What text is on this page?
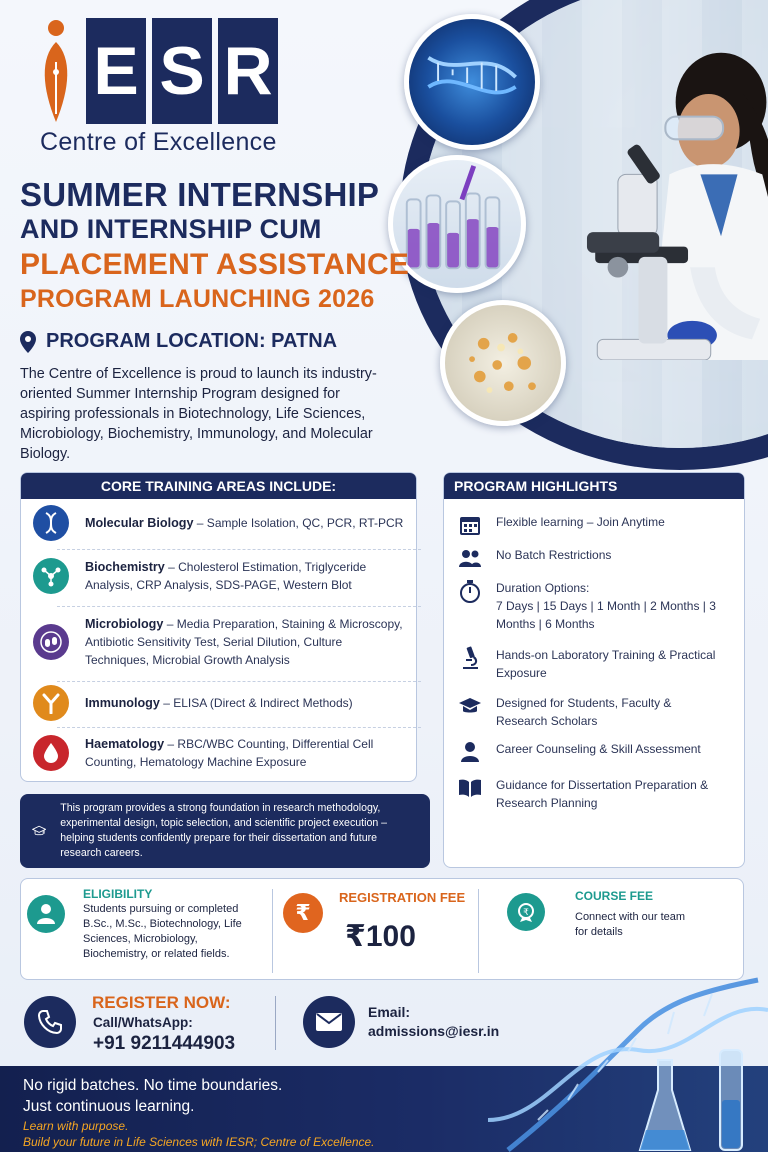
E S R
Centre of Excellence
SUMMER INTERNSHIP
AND INTERNSHIP CUM
PLACEMENT ASSISTANCE
PROGRAM LAUNCHING 2026
PROGRAM LOCATION: PATNA
The Centre of Excellence is proud to launch its industry-oriented Summer Internship Program designed for aspiring professionals in Biotechnology, Life Sciences, Microbiology, Biochemistry, Immunology, and Molecular Biology.
CORE TRAINING AREAS INCLUDE:
Molecular Biology – Sample Isolation, QC, PCR, RT-PCR
Biochemistry – Cholesterol Estimation, Triglyceride Analysis, CRP Analysis, SDS-PAGE, Western Blot
Microbiology – Media Preparation, Staining & Microscopy, Antibiotic Sensitivity Test, Serial Dilution, Culture Techniques, Microbial Growth Analysis
Immunology – ELISA (Direct & Indirect Methods)
Haematology – RBC/WBC Counting, Differential Cell Counting, Hematology Machine Exposure
PROGRAM HIGHLIGHTS
Flexible learning – Join Anytime
No Batch Restrictions
Duration Options:
7 Days | 15 Days | 1 Month | 2 Months | 3 Months | 6 Months
Hands-on Laboratory Training & Practical Exposure
Designed for Students, Faculty & Research Scholars
Career Counseling & Skill Assessment
Guidance for Dissertation Preparation & Research Planning
This program provides a strong foundation in research methodology, experimental design, topic selection, and scientific project execution – helping students confidently prepare for their dissertation and future research careers.
ELIGIBILITY
Students pursuing or completed B.Sc., M.Sc., Biotechnology, Life Sciences, Microbiology, Biochemistry, or related fields.
₹
REGISTRATION FEE
₹100
₹
COURSE FEE
Connect with our team for details
REGISTER NOW:
Call/WhatsApp:
+91 9211444903
Email:
admissions@iesr.in
No rigid batches. No time boundaries.
Just continuous learning.
Learn with purpose.
Build your future in Life Sciences with IESR; Centre of Excellence.
